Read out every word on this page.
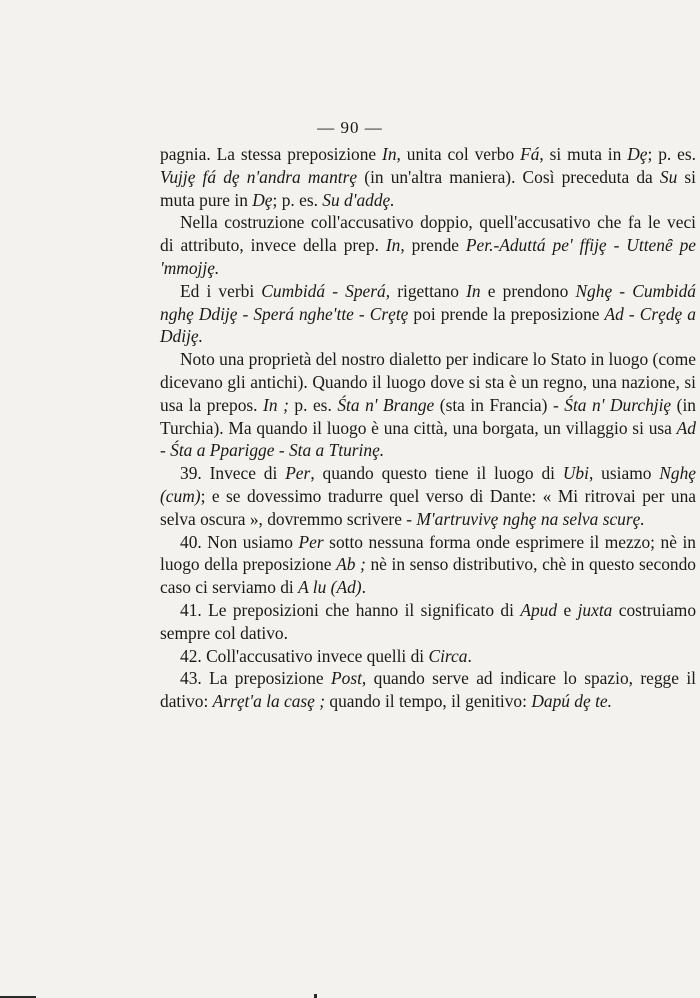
— 90 —

pagnia. La stessa preposizione In, unita col verbo Fá, si muta in Dȩ; p. es. Vujjȩ fá dȩ n'andra mantrȩ (in un'altra maniera). Così preceduta da Su si muta pure in Dȩ; p. es. Su d'addȩ.

Nella costruzione coll'accusativo doppio, quell'accusativo che fa le veci di attributo, invece della prep. In, prende Per.-Aduttá pe' ffijȩ - Uttenȇ pe 'mmojjȩ.

Ed i verbi Cumbidá - Sperá, rigettano In e prendono Nghȩ - Cumbidá nghȩ Ddijȩ - Sperá nghe'tte - Crȩtȩ poi prende la preposizione Ad - Crȩdȩ a Ddijȩ.

Noto una proprietà del nostro dialetto per indicare lo Stato in luogo (come dicevano gli antichi). Quando il luogo dove si sta è un regno, una nazione, si usa la prepos. In ; p. es. Śta n' Brange (sta in Francia) - Śta n' Durchjiȩ (in Turchia). Ma quando il luogo è una città, una borgata, un villaggio si usa Ad - Śta a Pparigge - Sta a Tturinȩ.

39. Invece di Per, quando questo tiene il luogo di Ubi, usiamo Nghȩ (cum); e se dovessimo tradurre quel verso di Dante: « Mi ritrovai per una selva oscura », dovremmo scrivere - M'artruvivȩ nghȩ na selva scurȩ.

40. Non usiamo Per sotto nessuna forma onde esprimere il mezzo; nè in luogo della preposizione Ab ; nè in senso distributivo, chè in questo secondo caso ci serviamo di A lu (Ad).

41. Le preposizioni che hanno il significato di Apud e juxta costruiamo sempre col dativo.

42. Coll'accusativo invece quelli di Circa.

43. La preposizione Post, quando serve ad indicare lo spazio, regge il dativo: Arrȩt'a la casȩ ; quando il tempo, il genitivo: Dapú dȩ te.
